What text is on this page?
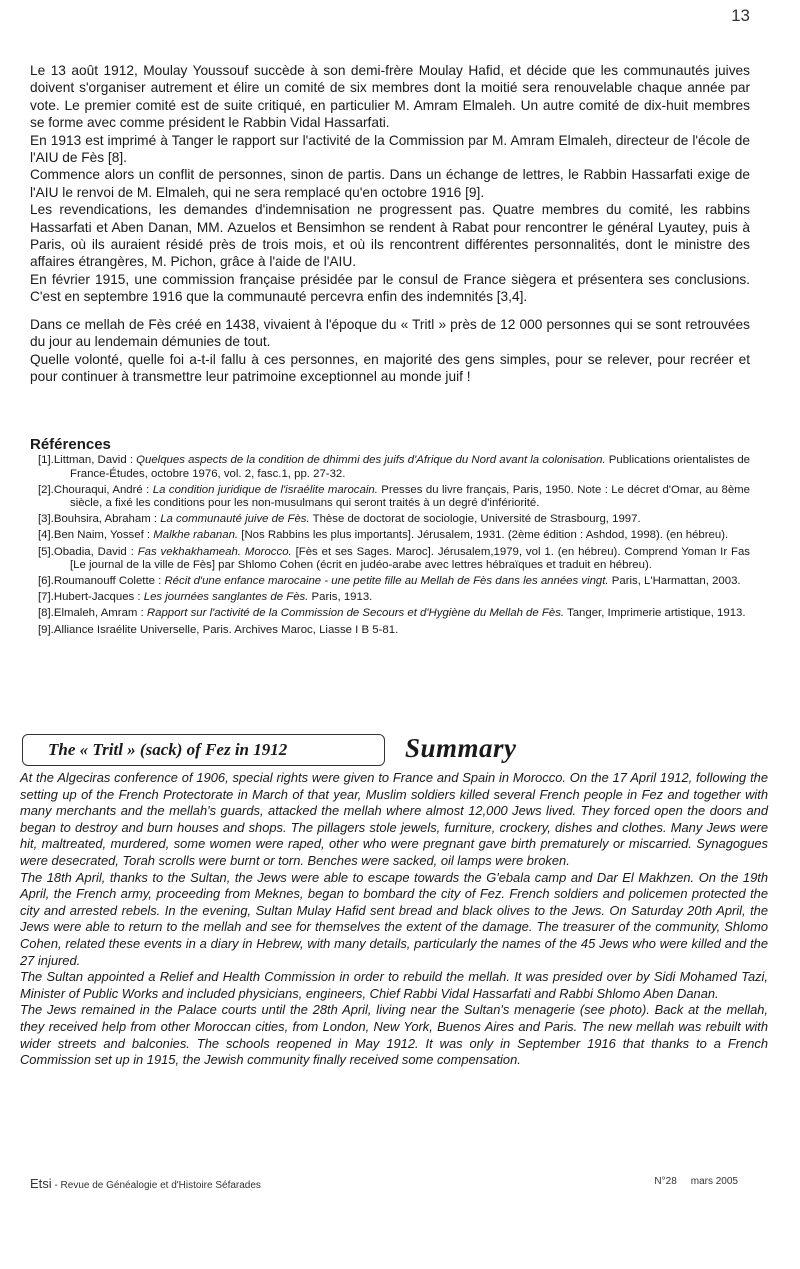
13

Le 13 août 1912, Moulay Youssouf succède à son demi-frère Moulay Hafid, et décide que les communautés juives doivent s'organiser autrement et élire un comité de six membres dont la moitié sera renouvelable chaque année par vote. Le premier comité est de suite critiqué, en particulier M. Amram Elmaleh. Un autre comité de dix-huit membres se forme avec comme président le Rabbin Vidal Hassarfati.

En 1913 est imprimé à Tanger le rapport sur l'activité de la Commission par M. Amram Elmaleh, directeur de l'école de l'AIU de Fès [8].

Commence alors un conflit de personnes, sinon de partis. Dans un échange de lettres, le Rabbin Hassarfati exige de l'AIU le renvoi de M. Elmaleh, qui ne sera remplacé qu'en octobre 1916 [9].

Les revendications, les demandes d'indemnisation ne progressent pas. Quatre membres du comité, les rabbins Hassarfati et Aben Danan, MM. Azuelos et Bensimhon se rendent à Rabat pour rencontrer le général Lyautey, puis à Paris, où ils auraient résidé près de trois mois, et où ils rencontrent différentes personnalités, dont le ministre des affaires étrangères, M. Pichon, grâce à l'aide de l'AIU.

En février 1915, une commission française présidée par le consul de France siègera et présentera ses conclusions. C'est en septembre 1916 que la communauté percevra enfin des indemnités [3,4].

Dans ce mellah de Fès créé en 1438, vivaient à l'époque du « Tritl » près de 12 000 personnes qui se sont retrouvées du jour au lendemain démunies de tout.

Quelle volonté, quelle foi a-t-il fallu à ces personnes, en majorité des gens simples, pour se relever, pour recréer et pour continuer à transmettre leur patrimoine exceptionnel au monde juif !

Références
[1].Littman, David : Quelques aspects de la condition de dhimmi des juifs d'Afrique du Nord avant la colonisation. Publications orientalistes de France-Études, octobre 1976, vol. 2, fasc.1, pp. 27-32.
[2].Chouraqui, André : La condition juridique de l'israélite marocain. Presses du livre français, Paris, 1950. Note : Le décret d'Omar, au 8ème siècle, a fixé les conditions pour les non-musulmans qui seront traités à un degré d'infériorité.
[3].Bouhsira, Abraham : La communauté juive de Fès. Thèse de doctorat de sociologie, Université de Strasbourg, 1997.
[4].Ben Naim, Yossef : Malkhe rabanan. [Nos Rabbins les plus importants]. Jérusalem, 1931. (2ème édition : Ashdod, 1998). (en hébreu).
[5].Obadia, David : Fas vekhakhameah. Morocco. [Fès et ses Sages. Maroc]. Jérusalem,1979, vol 1. (en hébreu). Comprend Yoman Ir Fas [Le journal de la ville de Fès] par Shlomo Cohen (écrit en judéo-arabe avec lettres hébraïques et traduit en hébreu).
[6].Roumanouff Colette : Récit d'une enfance marocaine - une petite fille au Mellah de Fès dans les années vingt. Paris, L'Harmattan, 2003.
[7].Hubert-Jacques : Les journées sanglantes de Fès. Paris, 1913.
[8].Elmaleh, Amram : Rapport sur l'activité de la Commission de Secours et d'Hygiène du Mellah de Fès. Tanger, Imprimerie artistique, 1913.
[9].Alliance Israélite Universelle, Paris. Archives Maroc, Liasse I B 5-81.
The « Tritl » (sack) of Fez in 1912	Summary

At the Algeciras conference of 1906, special rights were given to France and Spain in Morocco. On the 17 April 1912, following the setting up of the French Protectorate in March of that year, Muslim soldiers killed several French people in Fez and together with many merchants and the mellah's guards, attacked the mellah where almost 12,000 Jews lived. They forced open the doors and began to destroy and burn houses and shops. The pillagers stole jewels, furniture, crockery, dishes and clothes. Many Jews were hit, maltreated, murdered, some women were raped, other who were pregnant gave birth prematurely or miscarried. Synagogues were desecrated, Torah scrolls were burnt or torn. Benches were sacked, oil lamps were broken.

The 18th April, thanks to the Sultan, the Jews were able to escape towards the G'ebala camp and Dar El Makhzen. On the 19th April, the French army, proceeding from Meknes, began to bombard the city of Fez. French soldiers and policemen protected the city and arrested rebels. In the evening, Sultan Mulay Hafid sent bread and black olives to the Jews. On Saturday 20th April, the Jews were able to return to the mellah and see for themselves the extent of the damage. The treasurer of the community, Shlomo Cohen, related these events in a diary in Hebrew, with many details, particularly the names of the 45 Jews who were killed and the 27 injured.

The Sultan appointed a Relief and Health Commission in order to rebuild the mellah. It was presided over by Sidi Mohamed Tazi, Minister of Public Works and included physicians, engineers, Chief Rabbi Vidal Hassarfati and Rabbi Shlomo Aben Danan.

The Jews remained in the Palace courts until the 28th April, living near the Sultan's menagerie (see photo). Back at the mellah, they received help from other Moroccan cities, from London, New York, Buenos Aires and Paris. The new mellah was rebuilt with wider streets and balconies. The schools reopened in May 1912. It was only in September 1916 that thanks to a French Commission set up in 1915, the Jewish community finally received some compensation.

Etsi - Revue de Généalogie et d'Histoire Séfarades	N°28 mars 2005
